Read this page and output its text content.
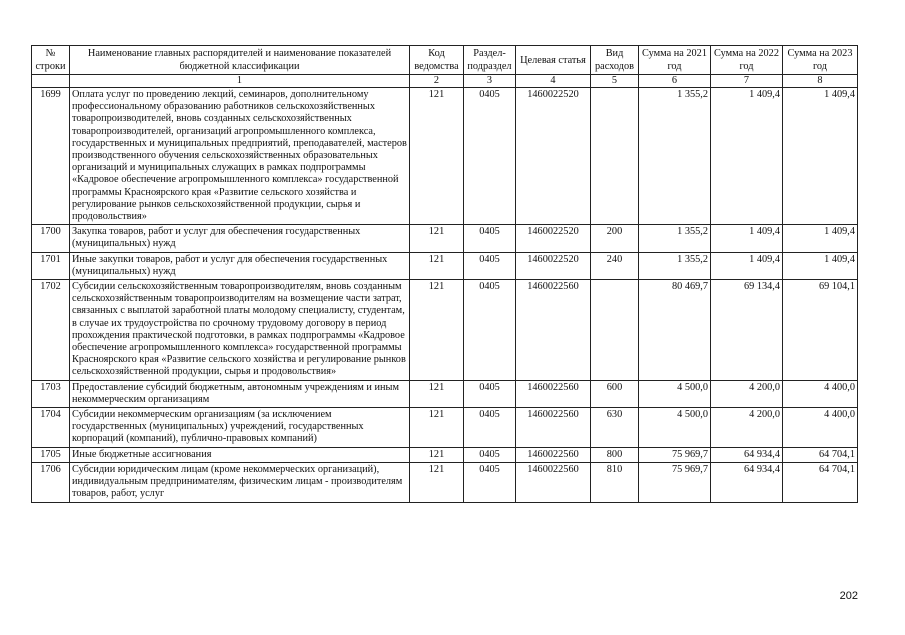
№ строки	Наименование главных распорядителей и наименование показателей бюджетной классификации	Код ведомства	Раздел-подраздел	Целевая статья	Вид расходов	Сумма на 2021 год	Сумма на 2022 год	Сумма на 2023 год
	1	2	3	4	5	6	7	8
1699	Оплата услуг по проведению лекций, семинаров, дополнительному профессиональному образованию работников сельскохозяйственных товаропроизводителей, вновь созданных сельскохозяйственных товаропроизводителей, организаций агропромышленного комплекса, государственных и муниципальных предприятий, преподавателей, мастеров производственного обучения сельскохозяйственных образовательных организаций и муниципальных служащих в рамках подпрограммы «Кадровое обеспечение агропромышленного комплекса» государственной программы Красноярского края «Развитие сельского хозяйства и регулирование рынков сельскохозяйственной продукции, сырья и продовольствия»	121	0405	1460022520		1 355,2	1 409,4	1 409,4
1700	Закупка товаров, работ и услуг для обеспечения государственных (муниципальных) нужд	121	0405	1460022520	200	1 355,2	1 409,4	1 409,4
1701	Иные закупки товаров, работ и услуг для обеспечения государственных (муниципальных) нужд	121	0405	1460022520	240	1 355,2	1 409,4	1 409,4
1702	Субсидии сельскохозяйственным товаропроизводителям, вновь созданным сельскохозяйственным товаропроизводителям на возмещение части затрат, связанных с выплатой заработной платы молодому специалисту, студентам, в случае их трудоустройства по срочному трудовому договору в период прохождения практической подготовки, в рамках подпрограммы «Кадровое обеспечение агропромышленного комплекса» государственной программы Красноярского края «Развитие сельского хозяйства и регулирование рынков сельскохозяйственной продукции, сырья и продовольствия»	121	0405	1460022560		80 469,7	69 134,4	69 104,1
1703	Предоставление субсидий бюджетным, автономным учреждениям и иным некоммерческим организациям	121	0405	1460022560	600	4 500,0	4 200,0	4 400,0
1704	Субсидии некоммерческим организациям (за исключением государственных (муниципальных) учреждений, государственных корпораций (компаний), публично-правовых компаний)	121	0405	1460022560	630	4 500,0	4 200,0	4 400,0
1705	Иные бюджетные ассигнования	121	0405	1460022560	800	75 969,7	64 934,4	64 704,1
1706	Субсидии юридическим лицам (кроме некоммерческих организаций), индивидуальным предпринимателям, физическим лицам - производителям товаров, работ, услуг	121	0405	1460022560	810	75 969,7	64 934,4	64 704,1
202
